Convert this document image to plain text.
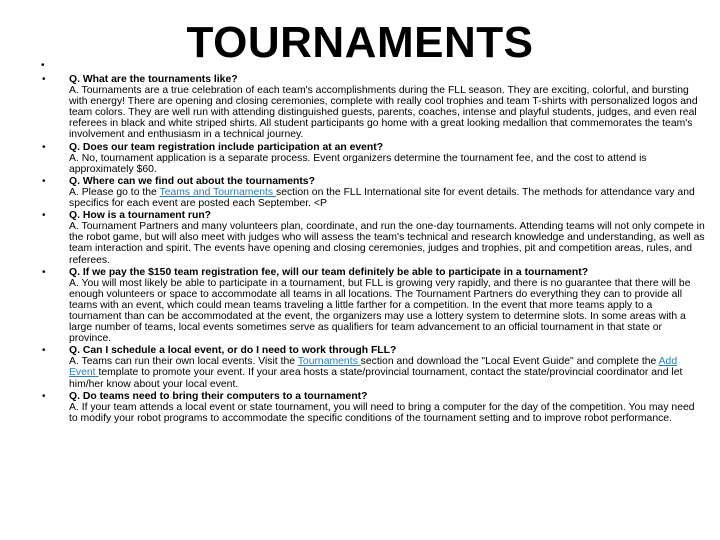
TOURNAMENTS
•
• Q. What are the tournaments like?
A. Tournaments are a true celebration of each team's accomplishments during the FLL season. They are exciting, colorful, and bursting with energy! There are opening and closing ceremonies, complete with really cool trophies and team T-shirts with personalized logos and team colors. They are well run with attending distinguished guests, parents, coaches, intense and playful students, judges, and even real referees in black and white striped shirts. All student participants go home with a great looking medallion that commemorates the team's involvement and enthusiasm in a technical journey.
• Q. Does our team registration include participation at an event?
A. No, tournament application is a separate process. Event organizers determine the tournament fee, and the cost to attend is approximately $60.
• Q. Where can we find out about the tournaments?
A. Please go to the Teams and Tournaments section on the FLL International site for event details. The methods for attendance vary and specifics for each event are posted each September. <P
• Q. How is a tournament run?
A. Tournament Partners and many volunteers plan, coordinate, and run the one-day tournaments. Attending teams will not only compete in the robot game, but will also meet with judges who will assess the team's technical and research knowledge and understanding, as well as team interaction and spirit. The events have opening and closing ceremonies, judges and trophies, pit and competition areas, rules, and referees.
• Q. If we pay the $150 team registration fee, will our team definitely be able to participate in a tournament?
A. You will most likely be able to participate in a tournament, but FLL is growing very rapidly, and there is no guarantee that there will be enough volunteers or space to accommodate all teams in all locations. The Tournament Partners do everything they can to provide all teams with an event, which could mean teams traveling a little farther for a competition. In the event that more teams apply to a tournament than can be accommodated at the event, the organizers may use a lottery system to determine slots. In some areas with a large number of teams, local events sometimes serve as qualifiers for team advancement to an official tournament in that state or province.
• Q. Can I schedule a local event, or do I need to work through FLL?
A. Teams can run their own local events. Visit the Tournaments section and download the "Local Event Guide" and complete the Add Event template to promote your event. If your area hosts a state/provincial tournament, contact the state/provincial coordinator and let him/her know about your local event.
• Q. Do teams need to bring their computers to a tournament?
A. If your team attends a local event or state tournament, you will need to bring a computer for the day of the competition. You may need to modify your robot programs to accommodate the specific conditions of the tournament setting and to improve robot performance.
